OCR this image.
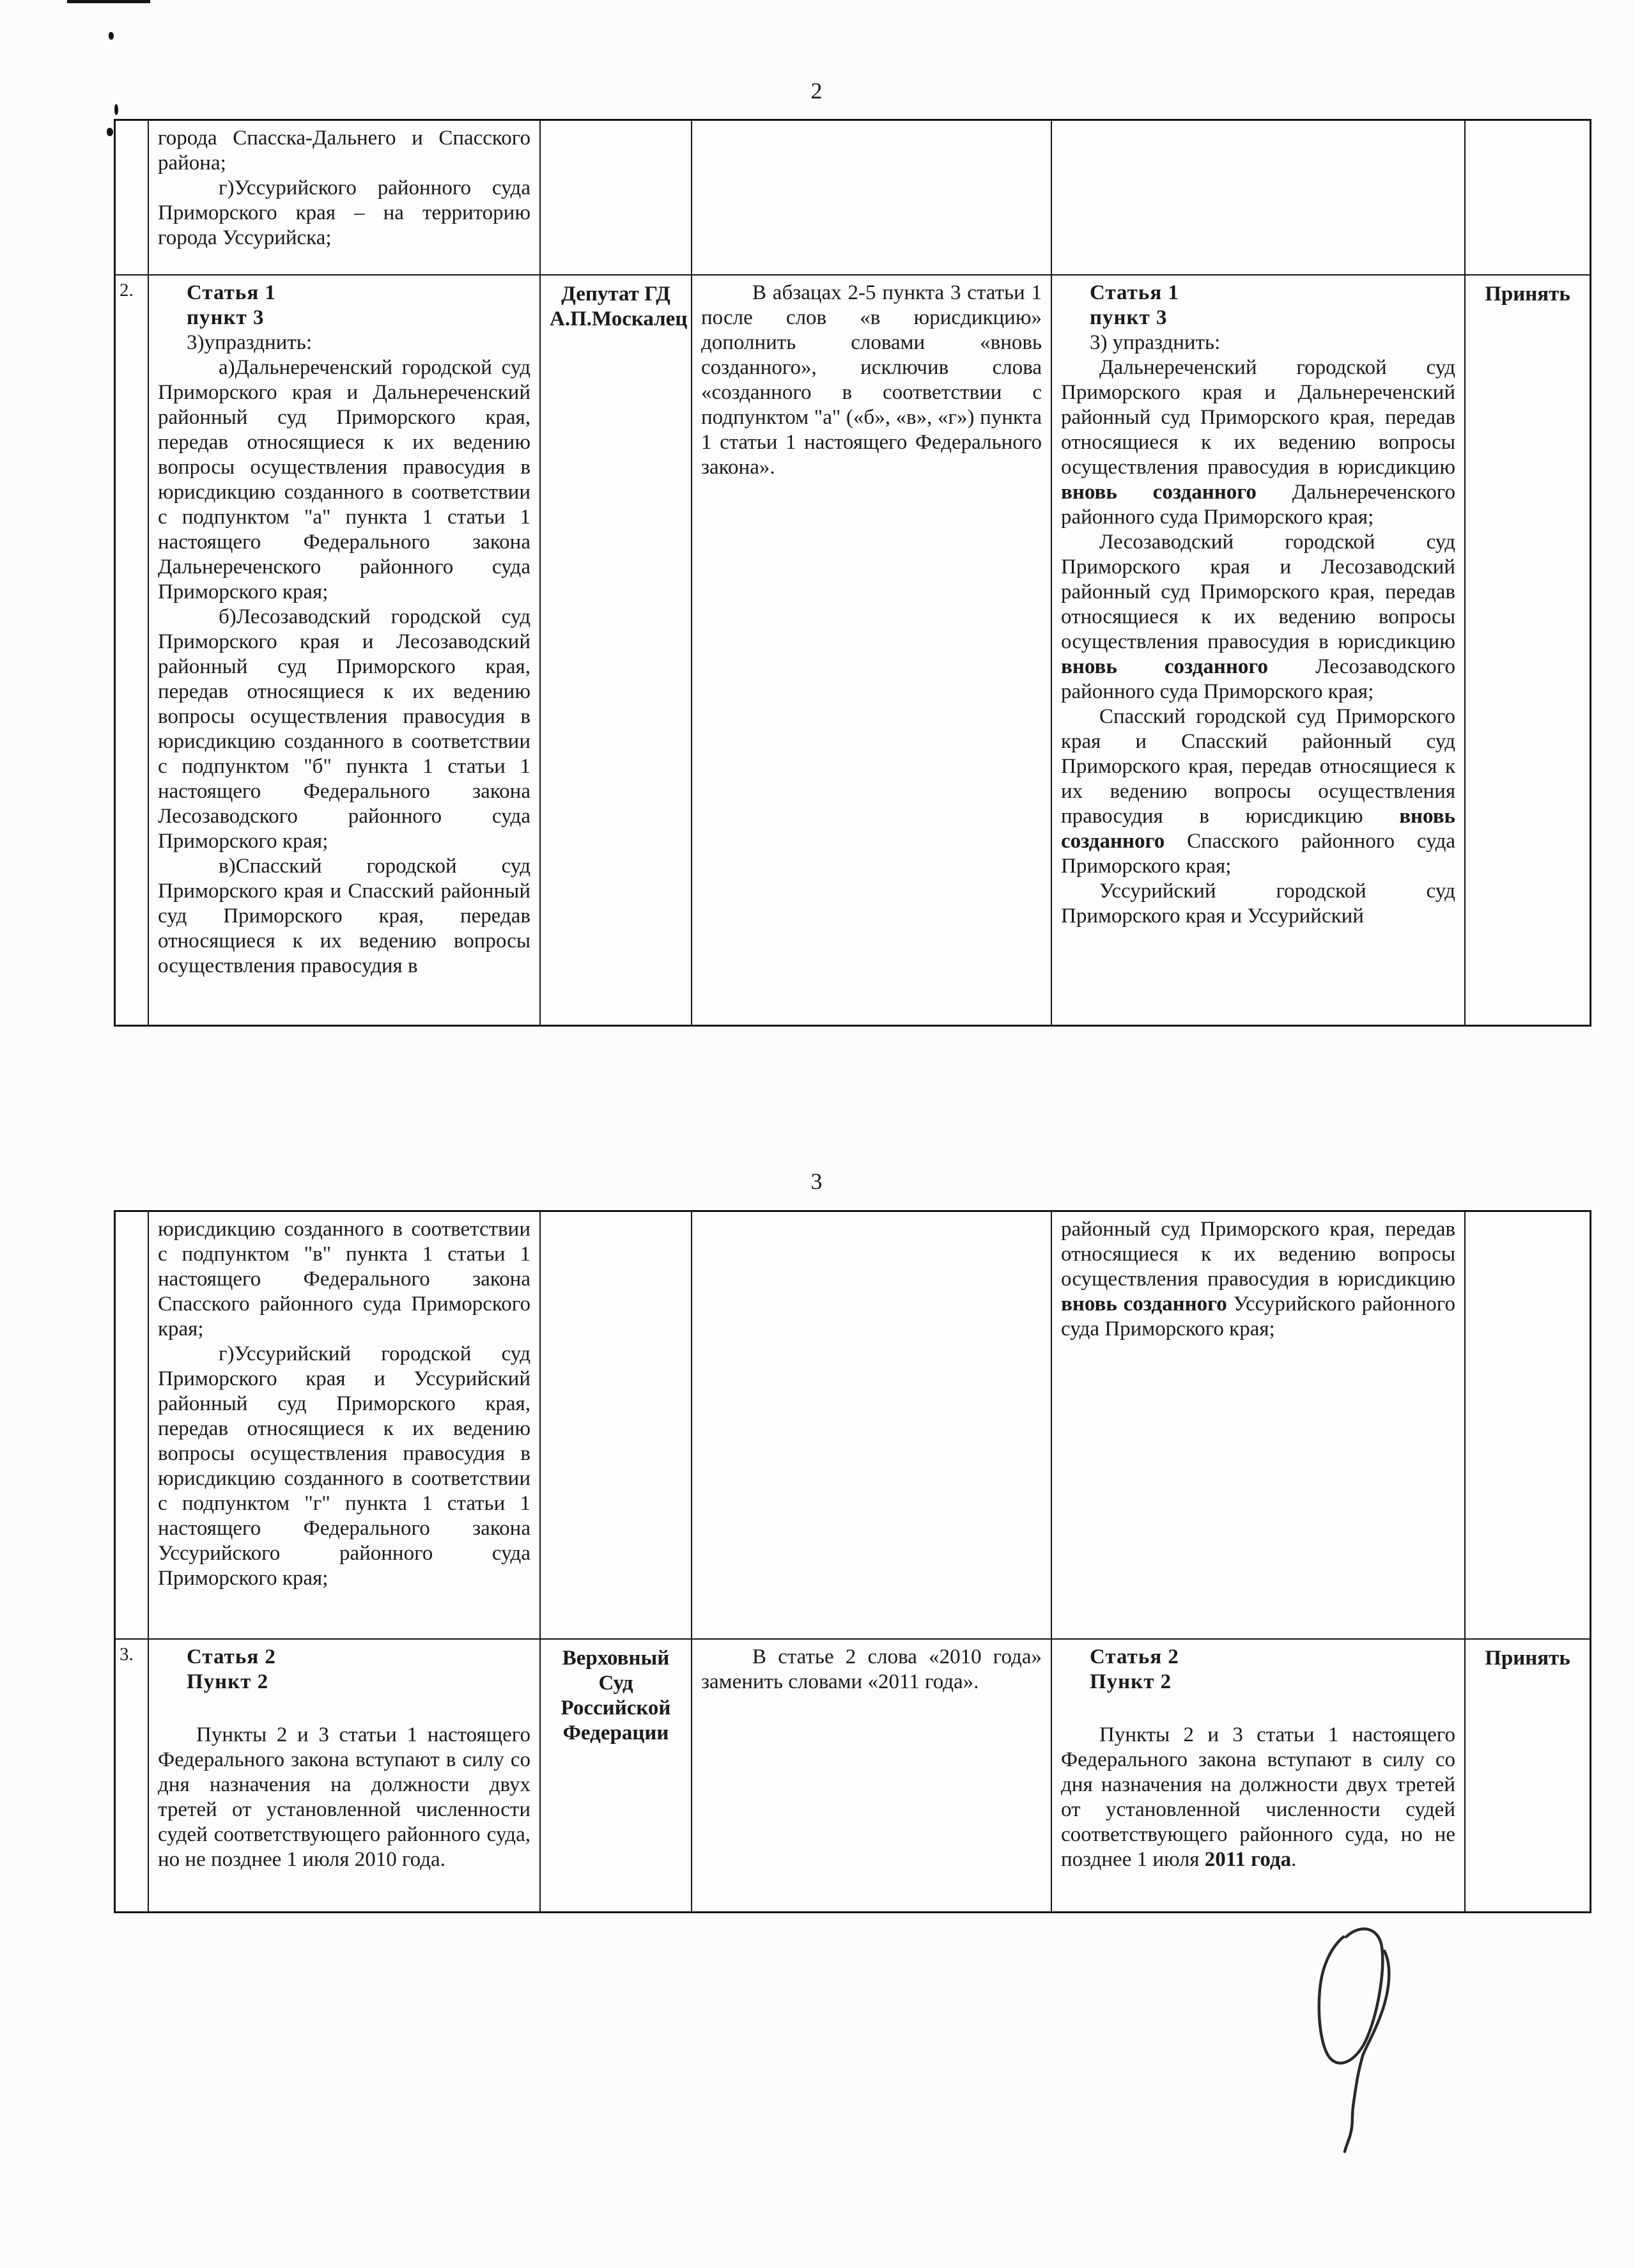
2

города Спасска-Дальнего и Спасского района;

г)Уссурийского районного суда Приморского края – на территорию города Уссурийска;

2.	Статья 1

пункт 3

3)упразднить:

а)Дальнереченский городской суд Приморского края и Дальнереченский районный суд Приморского края, передав относящиеся к их ведению вопросы осуществления правосудия в юрисдикцию созданного в соответствии с подпунктом "а" пункта 1 статьи 1 настоящего Федерального закона Дальнереченского районного суда Приморского края;

б)Лесозаводский городской суд Приморского края и Лесозаводский районный суд Приморского края, передав относящиеся к их ведению вопросы осуществления правосудия в юрисдикцию созданного в соответствии с подпунктом "б" пункта 1 статьи 1 настоящего Федерального закона Лесозаводского районного суда Приморского края;

в)Спасский городской суд Приморского края и Спасский районный суд Приморского края, передав относящиеся к их ведению вопросы осуществления правосудия в

Депутат ГД

А.П.Москалец

В абзацах 2-5 пункта 3 статьи 1 после слов «в юрисдикцию» дополнить словами «вновь созданного», исключив слова «созданного в соответствии с подпунктом "а" («б», «в», «г») пункта 1 статьи 1 настоящего Федерального закона».

Статья 1

пункт 3

3) упразднить:

Дальнереченский городской суд Приморского края и Дальнереченский районный суд Приморского края, передав относящиеся к их ведению вопросы осуществления правосудия в юрисдикцию вновь созданного Дальнереченского районного суда Приморского края;

Лесозаводский городской суд Приморского края и Лесозаводский районный суд Приморского края, передав относящиеся к их ведению вопросы осуществления правосудия в юрисдикцию вновь созданного Лесозаводского районного суда Приморского края;

Спасский городской суд Приморского края и Спасский районный суд Приморского края, передав относящиеся к их ведению вопросы осуществления правосудия в юрисдикцию вновь созданного Спасского районного суда Приморского края;

Уссурийский городской суд Приморского края и Уссурийский

Принять

3

юрисдикцию созданного в соответствии с подпунктом "в" пункта 1 статьи 1 настоящего Федерального закона Спасского районного суда Приморского края;

г)Уссурийский городской суд Приморского края и Уссурийский районный суд Приморского края, передав относящиеся к их ведению вопросы осуществления правосудия в юрисдикцию созданного в соответствии с подпунктом "г" пункта 1 статьи 1 настоящего Федерального закона Уссурийского районного суда Приморского края;

районный суд Приморского края, передав относящиеся к их ведению вопросы осуществления правосудия в юрисдикцию вновь созданного Уссурийского районного суда Приморского края;

3.	Статья 2

Пункт 2

Пункты 2 и 3 статьи 1 настоящего Федерального закона вступают в силу со дня назначения на должности двух третей от установленной численности судей соответствующего районного суда, но не позднее 1 июля 2010 года.

Верховный Суд

Российской

Федерации

В статье 2 слова «2010 года» заменить словами «2011 года».

Статья 2

Пункт 2

Пункты 2 и 3 статьи 1 настоящего Федерального закона вступают в силу со дня назначения на должности двух третей от установленной численности судей соответствующего районного суда, но не позднее 1 июля 2011 года.

Принять
